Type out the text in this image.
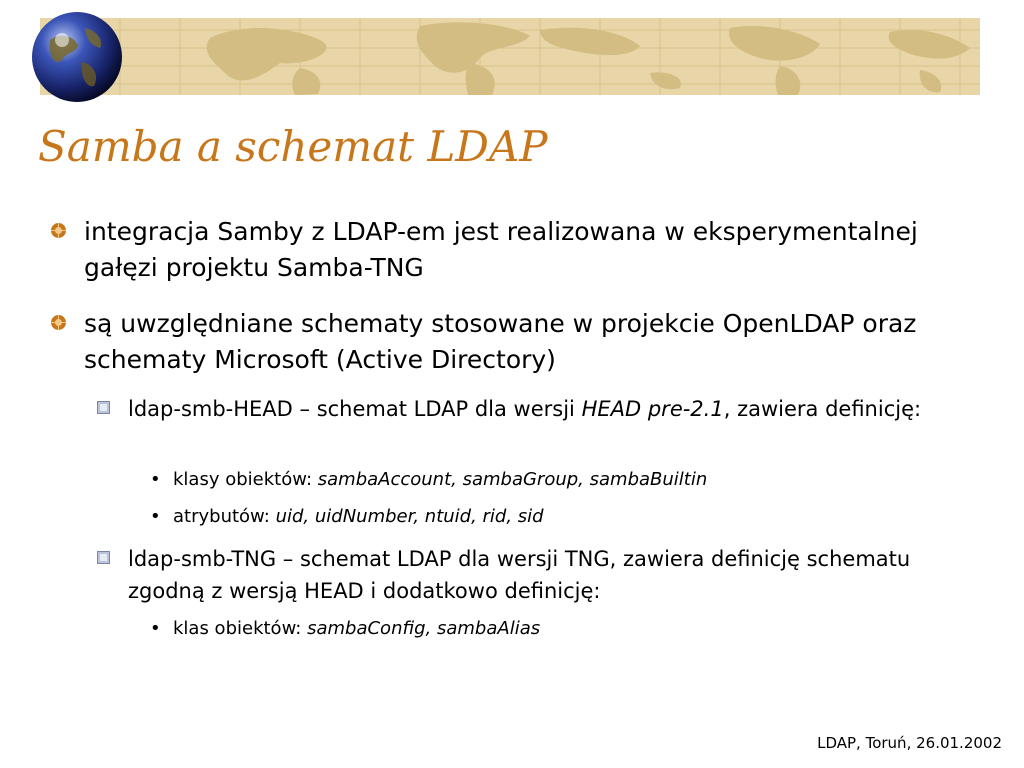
Samba a schemat LDAP
integracja Samby z LDAP-em jest realizowana w eksperymentalnej gałęzi projektu Samba-TNG
są uwzględniane schematy stosowane w projekcie OpenLDAP oraz schematy Microsoft (Active Directory)
ldap-smb-HEAD – schemat LDAP dla wersji HEAD pre-2.1, zawiera definicję:
• klasy obiektów: sambaAccount, sambaGroup, sambaBuiltin
• atrybutów: uid, uidNumber, ntuid, rid, sid
ldap-smb-TNG – schemat LDAP dla wersji TNG, zawiera definicję schematu zgodną z wersją HEAD i dodatkowo definicję:
• klas obiektów: sambaConfig, sambaAlias
LDAP, Toruń, 26.01.2002
